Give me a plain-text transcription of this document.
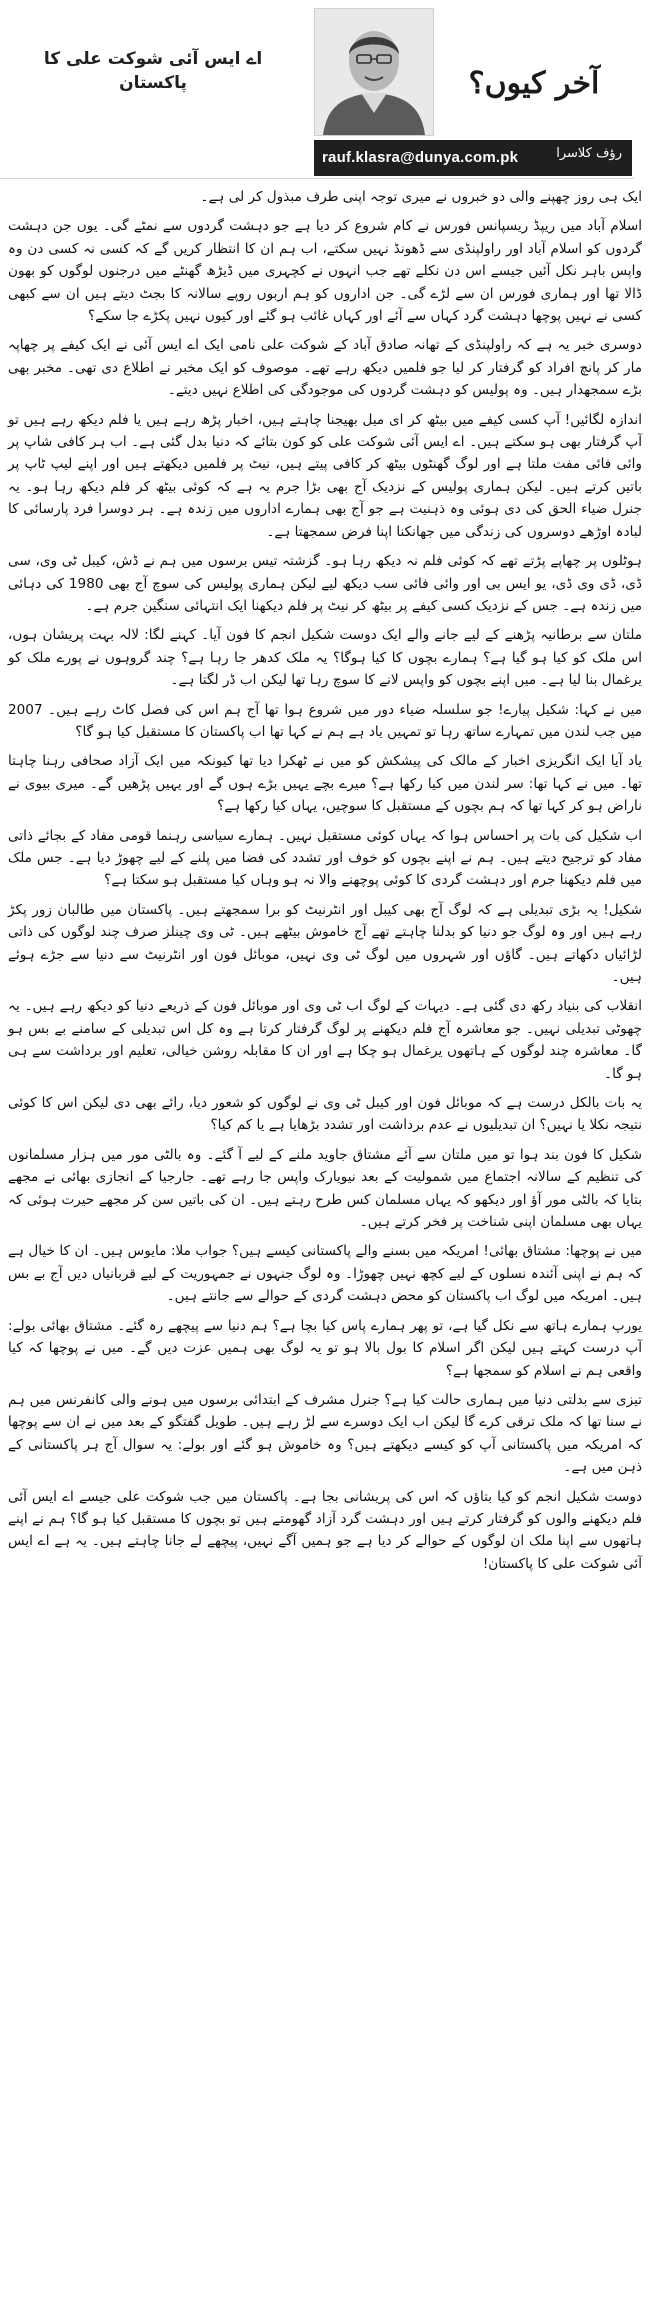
آخر کیوں؟
رؤف کلاسرا
rauf.klasra@dunya.com.pk
اے ایس آئی شوکت علی کا پاکستان

ایک ہی روز چھپنے والی دو خبروں نے میری توجہ اپنی طرف مبذول کر لی ہے۔

اسلام آباد میں ریپڈ ریسپانس فورس نے کام شروع کر دیا ہے جو دہشت گردوں سے نمٹے گی۔ یوں جن دہشت گردوں کو اسلام آباد اور راولپنڈی سے ڈھونڈ نہیں سکتے، اب ہم ان کا انتظار کریں گے کہ کسی نہ کسی دن وہ واپس باہر نکل آئیں جیسے اس دن نکلے تھے جب انہوں نے کچہری میں ڈیڑھ گھنٹے میں درجنوں لوگوں کو بھون ڈالا تھا اور ہماری فورس ان سے لڑے گی۔ جن اداروں کو ہم اربوں روپے سالانہ کا بجٹ دیتے ہیں ان سے کبھی کسی نے نہیں پوچھا دہشت گرد کہاں سے آئے اور کہاں غائب ہو گئے اور کیوں نہیں پکڑے جا سکے؟

دوسری خبر یہ ہے کہ راولپنڈی کے تھانہ صادق آباد کے شوکت علی نامی ایک اے ایس آئی نے ایک کیفے پر چھاپہ مار کر پانچ افراد کو گرفتار کر لیا جو فلمیں دیکھ رہے تھے۔ موصوف کو ایک مخبر نے اطلاع دی تھی۔ مخبر بھی بڑے سمجھدار ہیں۔ وہ پولیس کو دہشت گردوں کی موجودگی کی اطلاع نہیں دیتے۔

اندازہ لگائیں! آپ کسی کیفے میں بیٹھ کر ای میل بھیجنا چاہتے ہیں، اخبار پڑھ رہے ہیں یا فلم دیکھ رہے ہیں تو آپ گرفتار بھی ہو سکتے ہیں۔ اے ایس آئی شوکت علی کو کون بتائے کہ دنیا بدل گئی ہے۔ اب ہر کافی شاپ پر وائی فائی مفت ملتا ہے اور لوگ گھنٹوں بیٹھ کر کافی پیتے ہیں، نیٹ پر فلمیں دیکھتے ہیں اور اپنے لیپ ٹاپ پر باتیں کرتے ہیں۔ لیکن ہماری پولیس کے نزدیک آج بھی بڑا جرم یہ ہے کہ کوئی بیٹھ کر فلم دیکھ رہا ہو۔ یہ جنرل ضیاء الحق کی دی ہوئی وہ ذہنیت ہے جو آج بھی ہمارے اداروں میں زندہ ہے۔ ہر دوسرا فرد پارسائی کا لبادہ اوڑھے دوسروں کی زندگی میں جھانکنا اپنا فرض سمجھتا ہے۔

ہوٹلوں پر چھاپے پڑتے تھے کہ کوئی فلم نہ دیکھ رہا ہو۔ گزشتہ تیس برسوں میں ہم نے ڈش، کیبل ٹی وی، سی ڈی، ڈی وی ڈی، یو ایس بی اور وائی فائی سب دیکھ لیے لیکن ہماری پولیس کی سوچ آج بھی 1980 کی دہائی میں زندہ ہے۔ جس کے نزدیک کسی کیفے پر بیٹھ کر نیٹ پر فلم دیکھنا ایک انتہائی سنگین جرم ہے۔

ملتان سے برطانیہ پڑھنے کے لیے جانے والے ایک دوست شکیل انجم کا فون آیا۔ کہنے لگا: لالہ بہت پریشان ہوں، اس ملک کو کیا ہو گیا ہے؟ ہمارے بچوں کا کیا ہوگا؟ یہ ملک کدھر جا رہا ہے؟ چند گروہوں نے پورے ملک کو یرغمال بنا لیا ہے۔ میں اپنے بچوں کو واپس لانے کا سوچ رہا تھا لیکن اب ڈر لگتا ہے۔

میں نے کہا: شکیل پیارے! جو سلسلہ ضیاء دور میں شروع ہوا تھا آج ہم اس کی فصل کاٹ رہے ہیں۔ 2007 میں جب لندن میں تمہارے ساتھ رہا تو تمہیں یاد ہے ہم نے کہا تھا اب پاکستان کا مستقبل کیا ہو گا؟

یاد آیا ایک انگریزی اخبار کے مالک کی پیشکش کو میں نے ٹھکرا دیا تھا کیونکہ میں ایک آزاد صحافی رہنا چاہتا تھا۔ میں نے کہا تھا: سر لندن میں کیا رکھا ہے؟ میرے بچے یہیں بڑے ہوں گے اور یہیں پڑھیں گے۔ میری بیوی نے ناراض ہو کر کہا تھا کہ ہم بچوں کے مستقبل کا سوچیں، یہاں کیا رکھا ہے؟

اب شکیل کی بات پر احساس ہوا کہ یہاں کوئی مستقبل نہیں۔ ہمارے سیاسی رہنما قومی مفاد کے بجائے ذاتی مفاد کو ترجیح دیتے ہیں۔ ہم نے اپنے بچوں کو خوف اور تشدد کی فضا میں پلنے کے لیے چھوڑ دیا ہے۔ جس ملک میں فلم دیکھنا جرم اور دہشت گردی کا کوئی پوچھنے والا نہ ہو وہاں کیا مستقبل ہو سکتا ہے؟

شکیل! یہ بڑی تبدیلی ہے کہ لوگ آج بھی کیبل اور انٹرنیٹ کو برا سمجھتے ہیں۔ پاکستان میں طالبان زور پکڑ رہے ہیں اور وہ لوگ جو دنیا کو بدلنا چاہتے تھے آج خاموش بیٹھے ہیں۔ ٹی وی چینلز صرف چند لوگوں کی ذاتی لڑائیاں دکھاتے ہیں۔ گاؤں اور شہروں میں لوگ ٹی وی نہیں، موبائل فون اور انٹرنیٹ سے دنیا سے جڑے ہوئے ہیں۔

انقلاب کی بنیاد رکھ دی گئی ہے۔ دیہات کے لوگ اب ٹی وی اور موبائل فون کے ذریعے دنیا کو دیکھ رہے ہیں۔ یہ چھوٹی تبدیلی نہیں۔ جو معاشرہ آج فلم دیکھنے پر لوگ گرفتار کرتا ہے وہ کل اس تبدیلی کے سامنے بے بس ہو گا۔ معاشرہ چند لوگوں کے ہاتھوں یرغمال ہو چکا ہے اور ان کا مقابلہ روشن خیالی، تعلیم اور برداشت سے ہی ہو گا۔

یہ بات بالکل درست ہے کہ موبائل فون اور کیبل ٹی وی نے لوگوں کو شعور دیا، رائے بھی دی لیکن اس کا کوئی نتیجہ نکلا یا نہیں؟ ان تبدیلیوں نے عدم برداشت اور تشدد بڑھایا ہے یا کم کیا؟

شکیل کا فون بند ہوا تو میں ملتان سے آئے مشتاق جاوید ملنے کے لیے آ گئے۔ وہ بالٹی مور میں ہزار مسلمانوں کی تنظیم کے سالانہ اجتماع میں شمولیت کے بعد نیویارک واپس جا رہے تھے۔ جارجیا کے انجازی بھائی نے مجھے بتایا کہ بالٹی مور آؤ اور دیکھو کہ یہاں مسلمان کس طرح رہتے ہیں۔ ان کی باتیں سن کر مجھے حیرت ہوئی کہ یہاں بھی مسلمان اپنی شناخت پر فخر کرتے ہیں۔

میں نے پوچھا: مشتاق بھائی! امریکہ میں بسنے والے پاکستانی کیسے ہیں؟ جواب ملا: مایوس ہیں۔ ان کا خیال ہے کہ ہم نے اپنی آئندہ نسلوں کے لیے کچھ نہیں چھوڑا۔ وہ لوگ جنہوں نے جمہوریت کے لیے قربانیاں دیں آج بے بس ہیں۔ امریکہ میں لوگ اب پاکستان کو محض دہشت گردی کے حوالے سے جانتے ہیں۔

یورپ ہمارے ہاتھ سے نکل گیا ہے، تو پھر ہمارے پاس کیا بچا ہے؟ ہم دنیا سے پیچھے رہ گئے۔ مشتاق بھائی بولے: آپ درست کہتے ہیں لیکن اگر اسلام کا بول بالا ہو تو یہ لوگ بھی ہمیں عزت دیں گے۔ میں نے پوچھا کہ کیا واقعی ہم نے اسلام کو سمجھا ہے؟

تیزی سے بدلتی دنیا میں ہماری حالت کیا ہے؟ جنرل مشرف کے ابتدائی برسوں میں ہونے والی کانفرنس میں ہم نے سنا تھا کہ ملک ترقی کرے گا لیکن اب ایک دوسرے سے لڑ رہے ہیں۔ طویل گفتگو کے بعد میں نے ان سے پوچھا کہ امریکہ میں پاکستانی آپ کو کیسے دیکھتے ہیں؟ وہ خاموش ہو گئے اور بولے: یہ سوال آج ہر پاکستانی کے ذہن میں ہے۔

دوست شکیل انجم کو کیا بتاؤں کہ اس کی پریشانی بجا ہے۔ پاکستان میں جب شوکت علی جیسے اے ایس آئی فلم دیکھنے والوں کو گرفتار کرتے ہیں اور دہشت گرد آزاد گھومتے ہیں تو بچوں کا مستقبل کیا ہو گا؟ ہم نے اپنے ہاتھوں سے اپنا ملک ان لوگوں کے حوالے کر دیا ہے جو ہمیں آگے نہیں، پیچھے لے جانا چاہتے ہیں۔ یہ ہے اے ایس آئی شوکت علی کا پاکستان!
